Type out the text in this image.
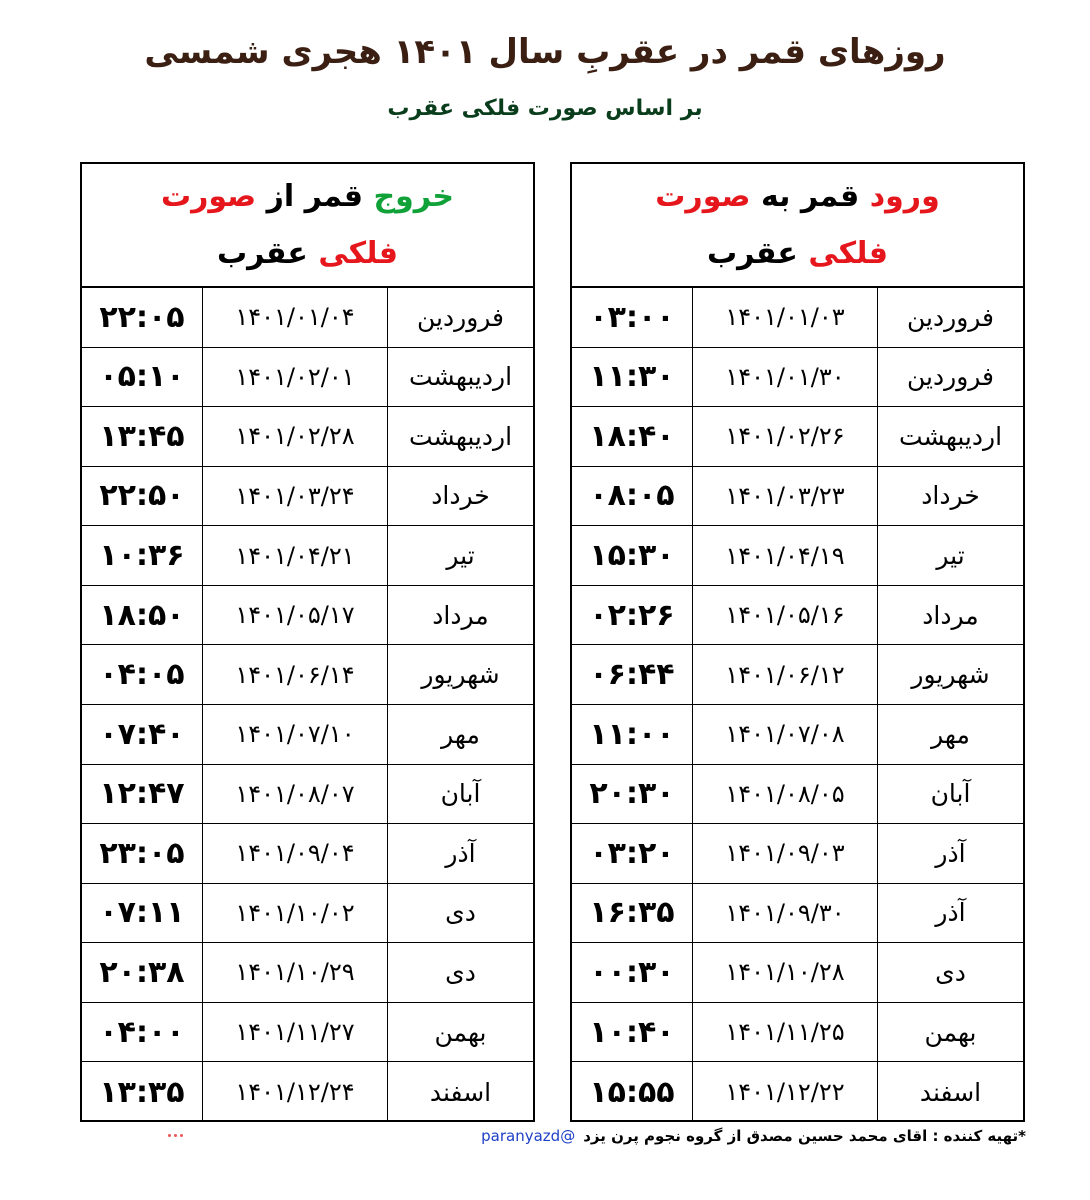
روزهای قمر در عقربِ سال ۱۴۰۱ هجری شمسی
بر اساس صورت فلکی عقرب
خروج قمر از صورت
فلکی عقرب
۲۲:۰۵	۱۴۰۱/۰۱/۰۴	فروردین
۰۵:۱۰	۱۴۰۱/۰۲/۰۱	اردیبهشت
۱۳:۴۵	۱۴۰۱/۰۲/۲۸	اردیبهشت
۲۲:۵۰	۱۴۰۱/۰۳/۲۴	خرداد
۱۰:۳۶	۱۴۰۱/۰۴/۲۱	تیر
۱۸:۵۰	۱۴۰۱/۰۵/۱۷	مرداد
۰۴:۰۵	۱۴۰۱/۰۶/۱۴	شهریور
۰۷:۴۰	۱۴۰۱/۰۷/۱۰	مهر
۱۲:۴۷	۱۴۰۱/۰۸/۰۷	آبان
۲۳:۰۵	۱۴۰۱/۰۹/۰۴	آذر
۰۷:۱۱	۱۴۰۱/۱۰/۰۲	دی
۲۰:۳۸	۱۴۰۱/۱۰/۲۹	دی
۰۴:۰۰	۱۴۰۱/۱۱/۲۷	بهمن
۱۳:۳۵	۱۴۰۱/۱۲/۲۴	اسفند
ورود قمر به صورت
فلکی عقرب
۰۳:۰۰	۱۴۰۱/۰۱/۰۳	فروردین
۱۱:۳۰	۱۴۰۱/۰۱/۳۰	فروردین
۱۸:۴۰	۱۴۰۱/۰۲/۲۶	اردیبهشت
۰۸:۰۵	۱۴۰۱/۰۳/۲۳	خرداد
۱۵:۳۰	۱۴۰۱/۰۴/۱۹	تیر
۰۲:۲۶	۱۴۰۱/۰۵/۱۶	مرداد
۰۶:۴۴	۱۴۰۱/۰۶/۱۲	شهریور
۱۱:۰۰	۱۴۰۱/۰۷/۰۸	مهر
۲۰:۳۰	۱۴۰۱/۰۸/۰۵	آبان
۰۳:۲۰	۱۴۰۱/۰۹/۰۳	آذر
۱۶:۳۵	۱۴۰۱/۰۹/۳۰	آذر
۰۰:۳۰	۱۴۰۱/۱۰/۲۸	دی
۱۰:۴۰	۱۴۰۱/۱۱/۲۵	بهمن
۱۵:۵۵	۱۴۰۱/۱۲/۲۲	اسفند
*تهیه کننده : اقای محمد حسین مصدق از گروه نجوم پرن یزد@paranyazd
